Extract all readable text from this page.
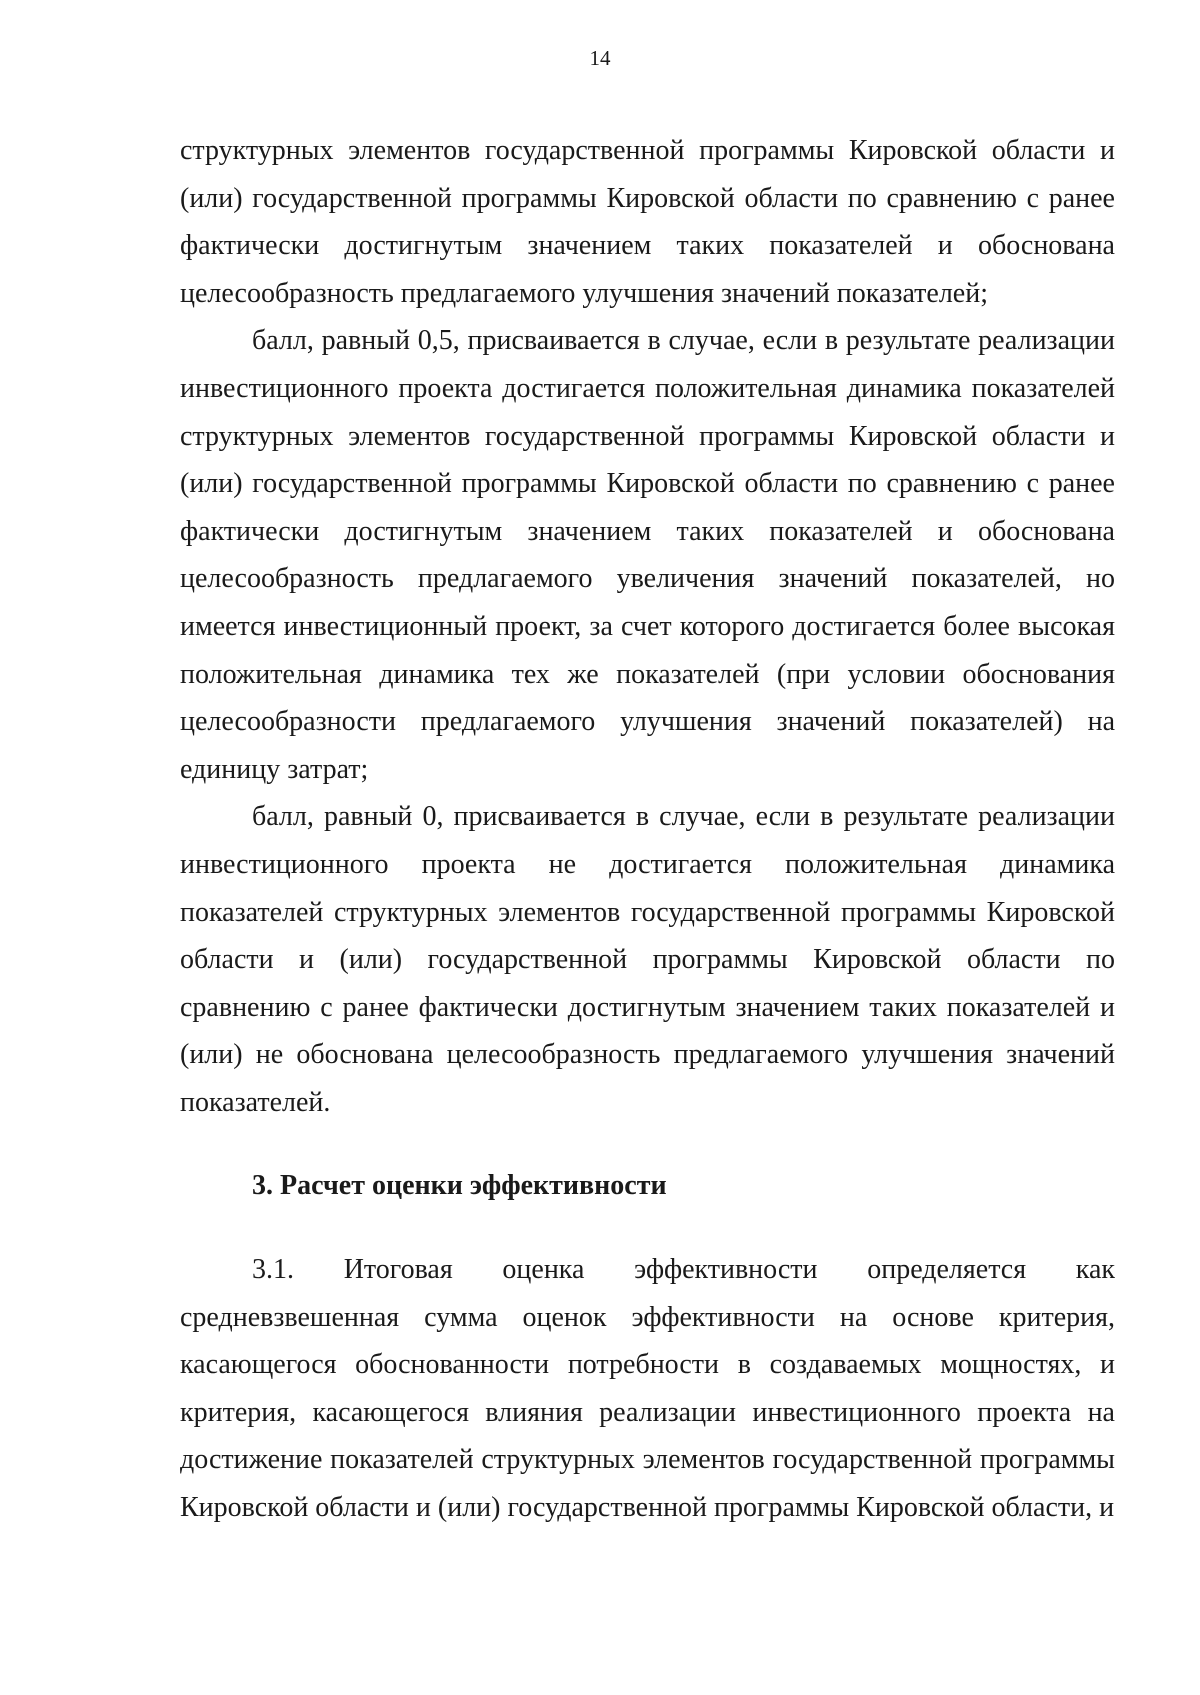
14

структурных элементов государственной программы Кировской области и (или) государственной программы Кировской области по сравнению с ранее фактически достигнутым значением таких показателей и обоснована целесообразность предлагаемого улучшения значений показателей;

балл, равный 0,5, присваивается в случае, если в результате реализации инвестиционного проекта достигается положительная динамика показателей структурных элементов государственной программы Кировской области и (или) государственной программы Кировской области по сравнению с ранее фактически достигнутым значением таких показателей и обоснована целесообразность предлагаемого увеличения значений показателей, но имеется инвестиционный проект, за счет которого достигается более высокая положительная динамика тех же показателей (при условии обоснования целесообразности предлагаемого улучшения значений показателей) на единицу затрат;

балл, равный 0, присваивается в случае, если в результате реализации инвестиционного проекта не достигается положительная динамика показателей структурных элементов государственной программы Кировской области и (или) государственной программы Кировской области по сравнению с ранее фактически достигнутым значением таких показателей и (или) не обоснована целесообразность предлагаемого улучшения значений показателей.

3. Расчет оценки эффективности

3.1. Итоговая оценка эффективности определяется как средневзвешенная сумма оценок эффективности на основе критерия, касающегося обоснованности потребности в создаваемых мощностях, и критерия, касающегося влияния реализации инвестиционного проекта на достижение показателей структурных элементов государственной программы Кировской области и (или) государственной программы Кировской области, и
